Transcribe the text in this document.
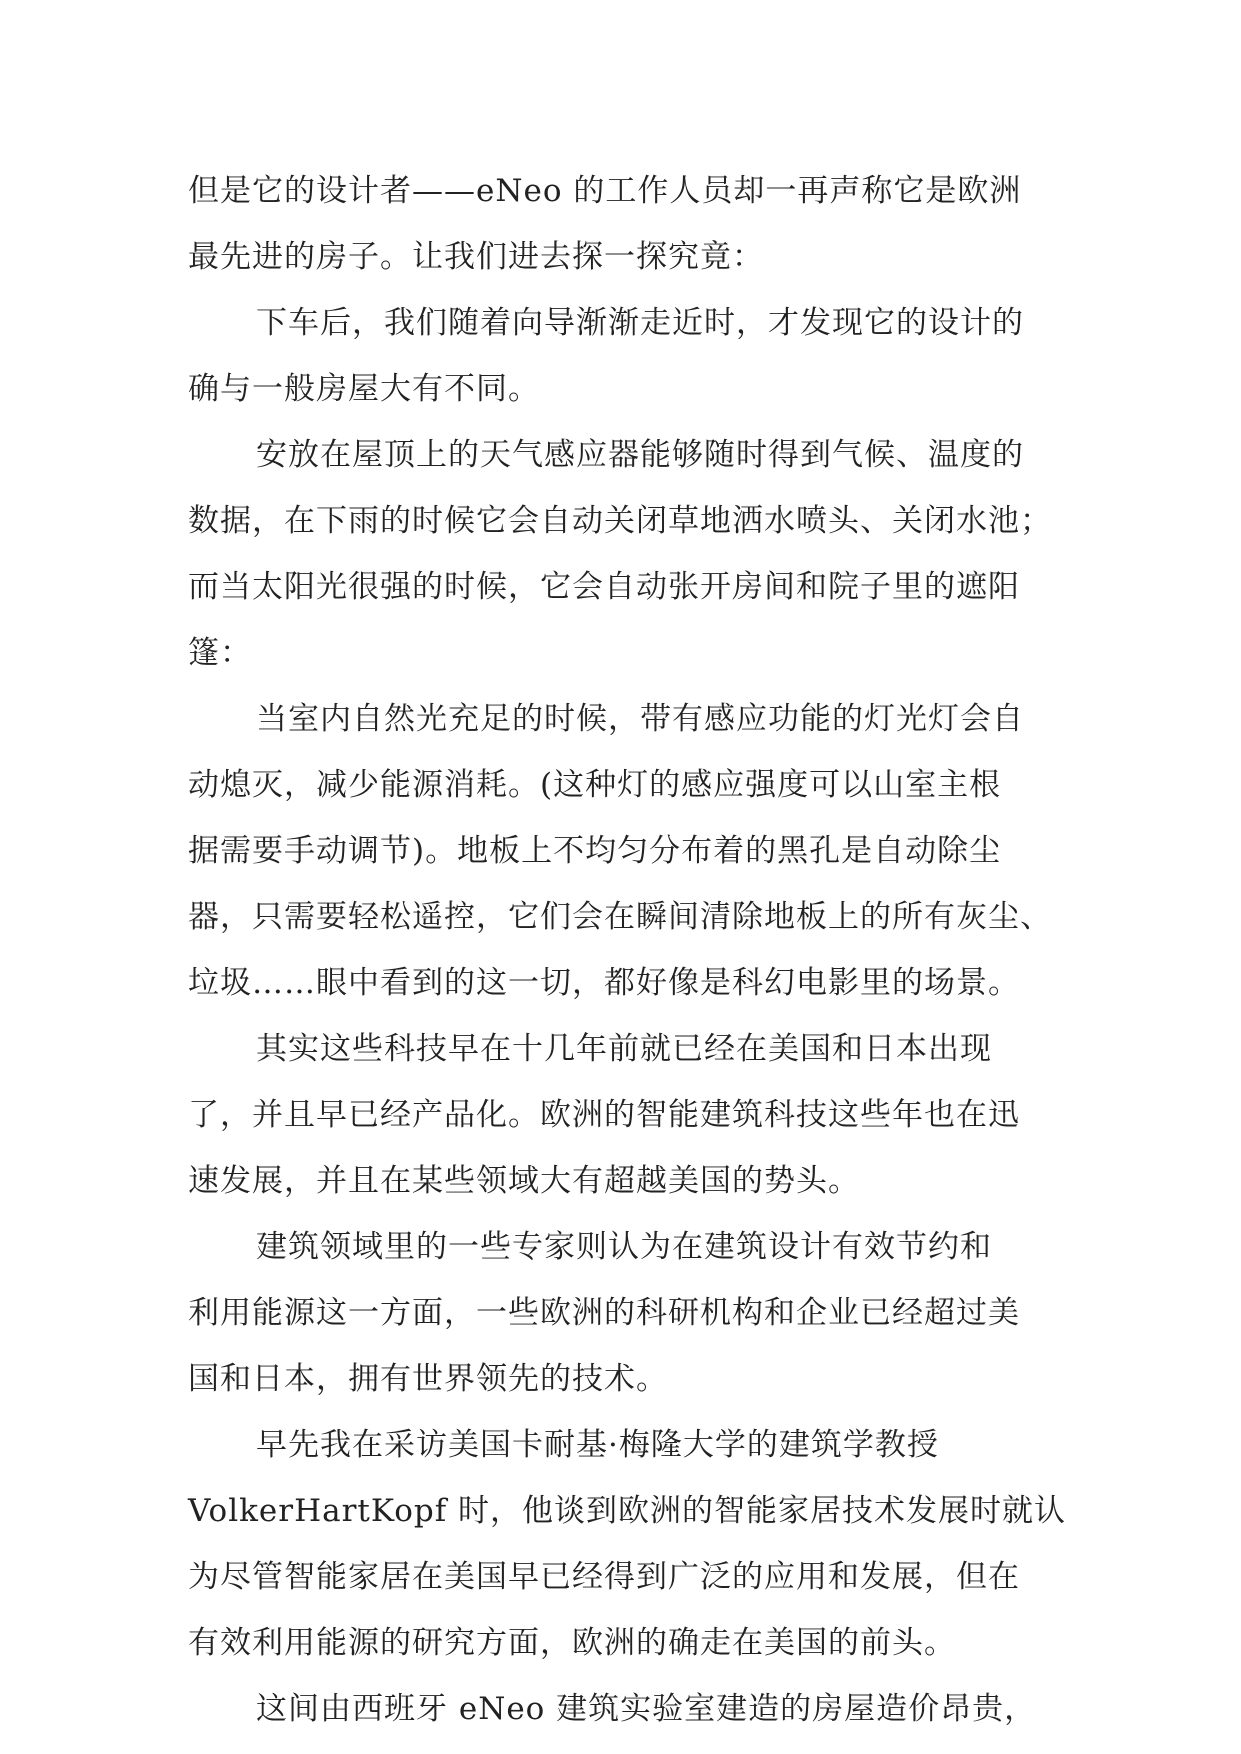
但是它的设计者——eNeo 的工作人员却一再声称它是欧洲
最先进的房子。让我们进去探一探究竟：
下车后，我们随着向导渐渐走近时，才发现它的设计的
确与一般房屋大有不同。
安放在屋顶上的天气感应器能够随时得到气候、温度的
数据，在下雨的时候它会自动关闭草地洒水喷头、关闭水池；
而当太阳光很强的时候，它会自动张开房间和院子里的遮阳
篷：
当室内自然光充足的时候，带有感应功能的灯光灯会自
动熄灭，减少能源消耗。(这种灯的感应强度可以山室主根
据需要手动调节)。地板上不均匀分布着的黑孔是自动除尘
器，只需要轻松遥控，它们会在瞬间清除地板上的所有灰尘、
垃圾……眼中看到的这一切，都好像是科幻电影里的场景。
其实这些科技早在十几年前就已经在美国和日本出现
了，并且早已经产品化。欧洲的智能建筑科技这些年也在迅
速发展，并且在某些领域大有超越美国的势头。
建筑领域里的一些专家则认为在建筑设计有效节约和
利用能源这一方面，一些欧洲的科研机构和企业已经超过美
国和日本，拥有世界领先的技术。
早先我在采访美国卡耐基·梅隆大学的建筑学教授
VolkerHartKopf 时，他谈到欧洲的智能家居技术发展时就认
为尽管智能家居在美国早已经得到广泛的应用和发展，但在
有效利用能源的研究方面，欧洲的确走在美国的前头。
这间由西班牙 eNeo 建筑实验室建造的房屋造价昂贵，
